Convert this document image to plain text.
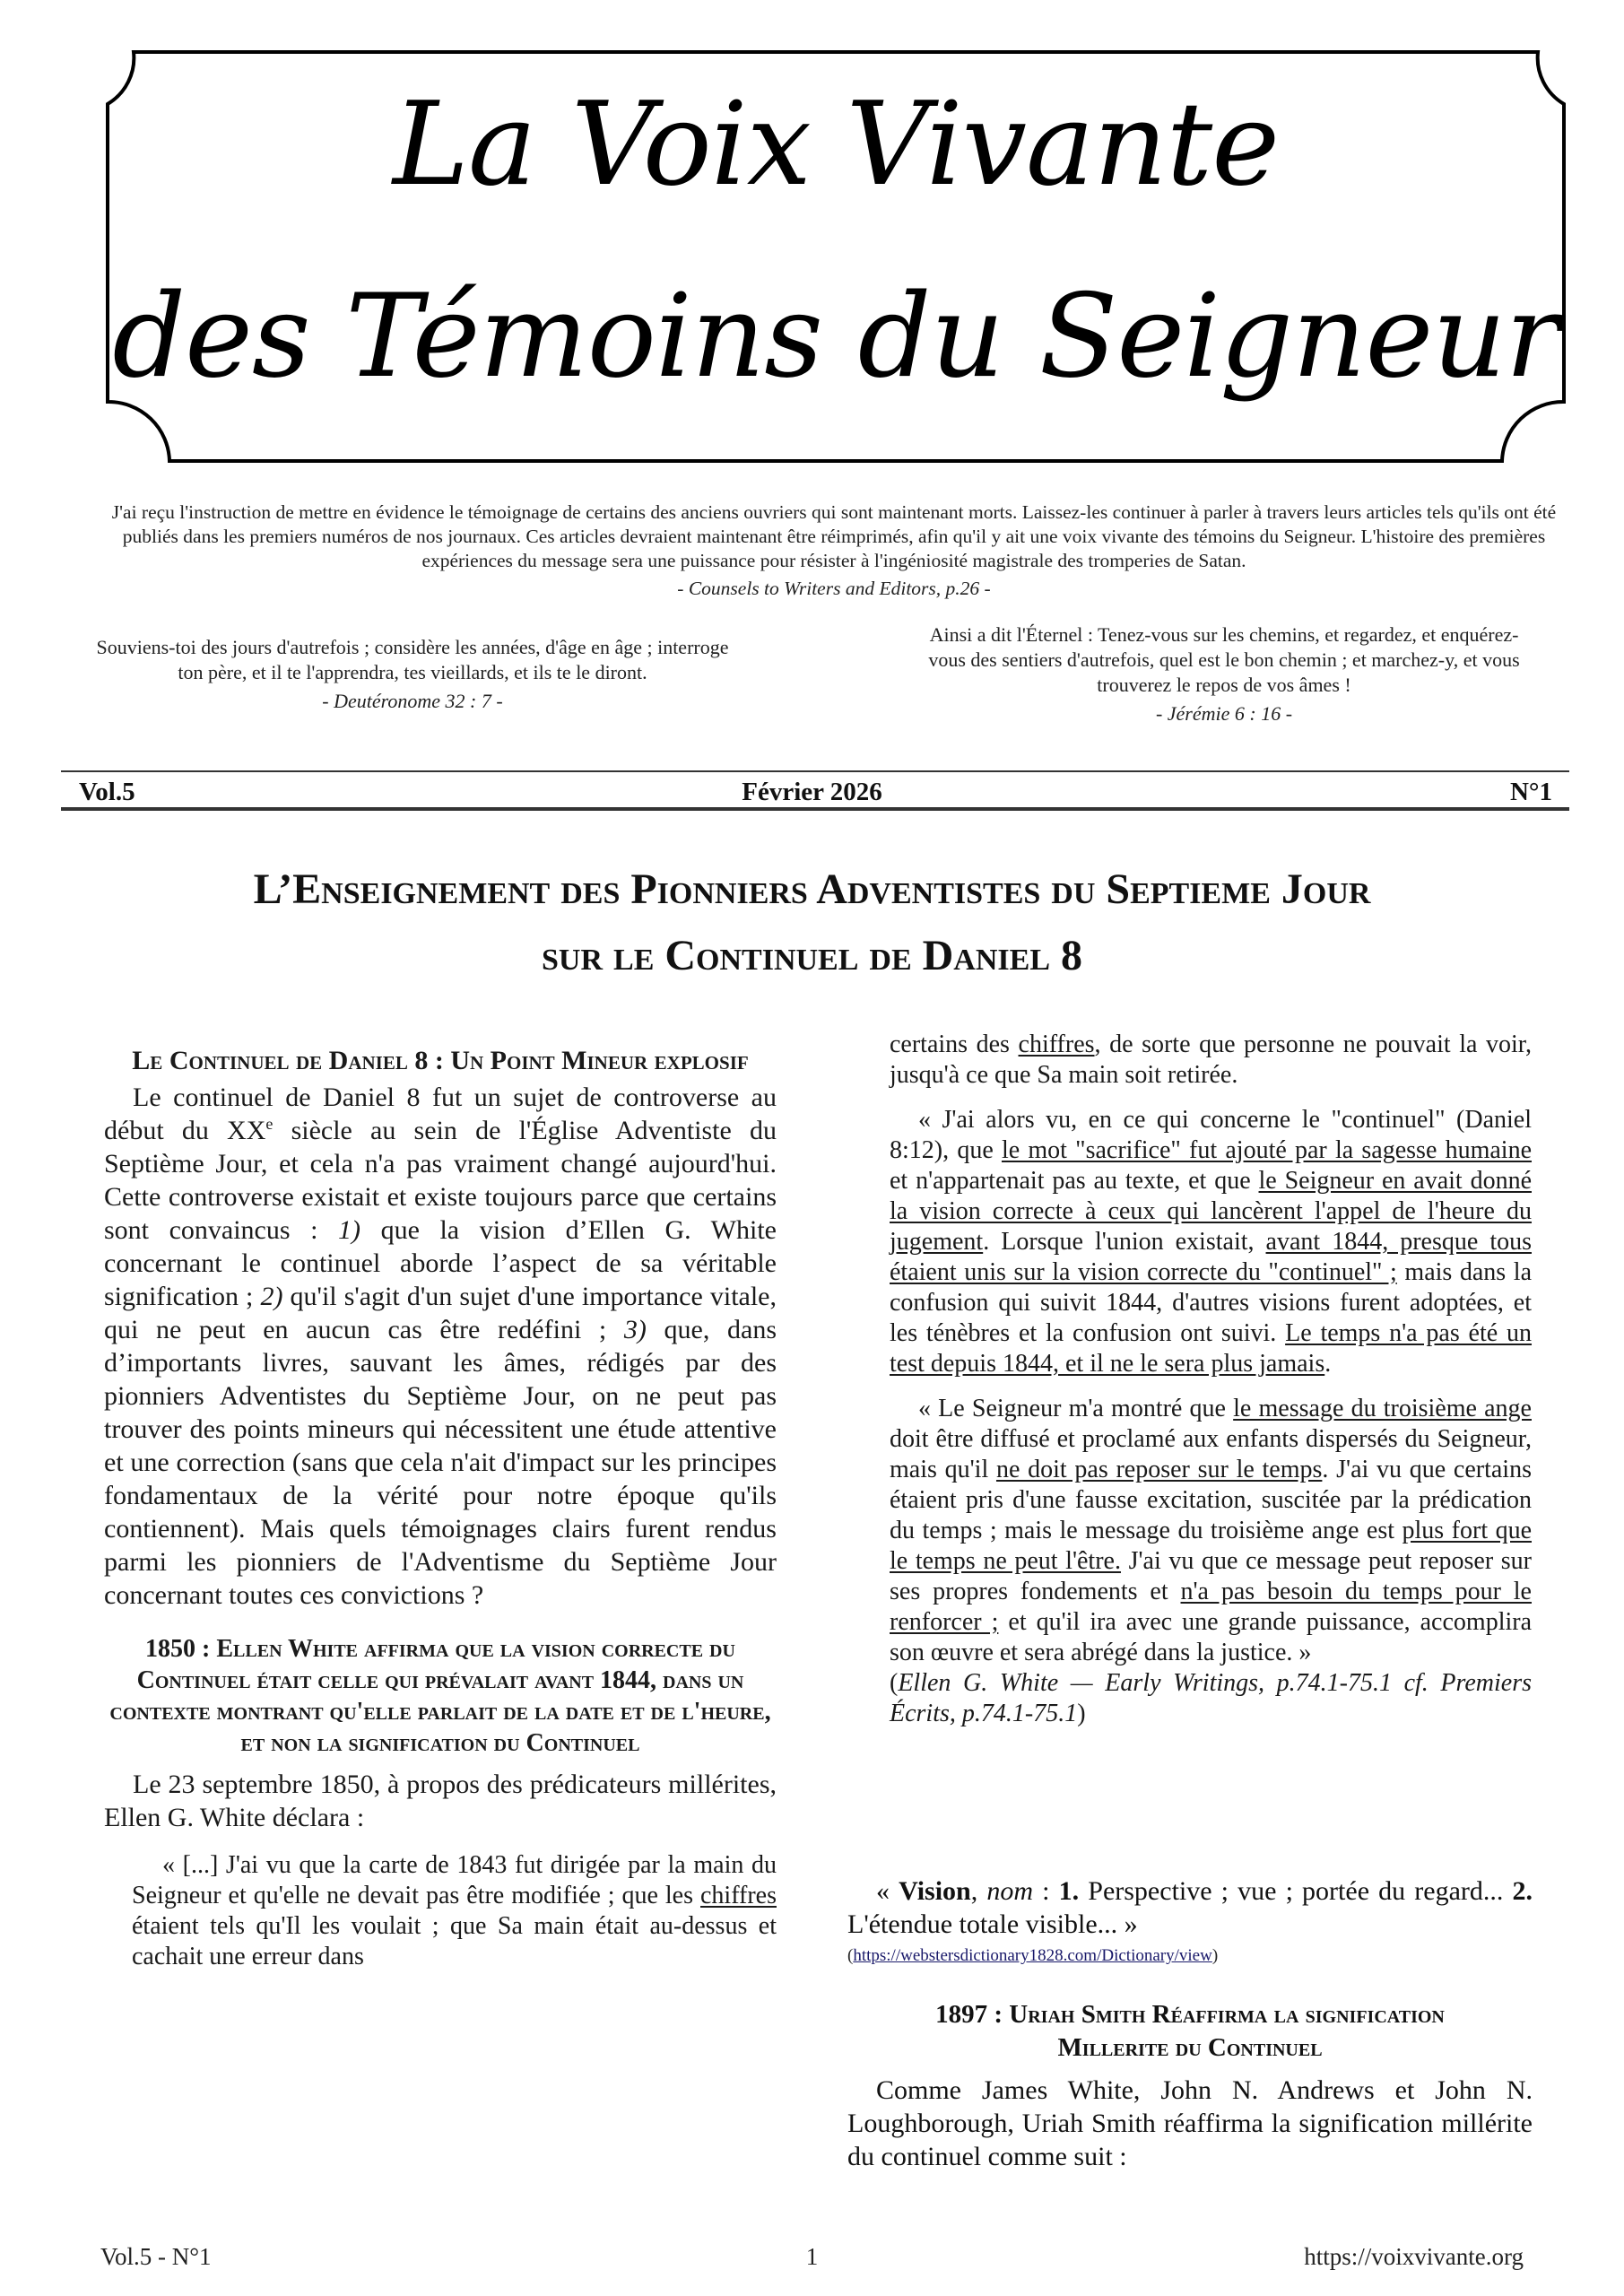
La Voix Vivante
des Témoins du Seigneur
J'ai reçu l'instruction de mettre en évidence le témoignage de certains des anciens ouvriers qui sont maintenant morts. Laissez-les continuer à parler à travers leurs articles tels qu'ils ont été publiés dans les premiers numéros de nos journaux. Ces articles devraient maintenant être réimprimés, afin qu'il y ait une voix vivante des témoins du Seigneur. L'histoire des premières expériences du message sera une puissance pour résister à l'ingéniosité magistrale des tromperies de Satan.
- Counsels to Writers and Editors, p.26 -
Souviens-toi des jours d'autrefois ; considère les années, d'âge en âge ; interroge ton père, et il te l'apprendra, tes vieillards, et ils te le diront.
- Deutéronome 32 : 7 -
Ainsi a dit l'Éternel : Tenez-vous sur les chemins, et regardez, et enquérez-vous des sentiers d'autrefois, quel est le bon chemin ; et marchez-y, et vous trouverez le repos de vos âmes !
- Jérémie 6 : 16 -
Vol.5	Février 2026	N°1
L’Enseignement des Pionniers Adventistes du Septieme Jour
sur le Continuel de Daniel 8
Le Continuel de Daniel 8 : Un Point Mineur explosif

Le continuel de Daniel 8 fut un sujet de controverse au début du XXe siècle au sein de l'Église Adventiste du Septième Jour, et cela n'a pas vraiment changé aujourd'hui. Cette controverse existait et existe toujours parce que certains sont convaincus : 1) que la vision d’Ellen G. White concernant le continuel aborde l’aspect de sa véritable signification ; 2) qu'il s'agit d'un sujet d'une importance vitale, qui ne peut en aucun cas être redéfini ; 3) que, dans d’importants livres, sauvant les âmes, rédigés par des pionniers Adventistes du Septième Jour, on ne peut pas trouver des points mineurs qui nécessitent une étude attentive et une correction (sans que cela n'ait d'impact sur les principes fondamentaux de la vérité pour notre époque qu'ils contiennent). Mais quels témoignages clairs furent rendus parmi les pionniers de l'Adventisme du Septième Jour concernant toutes ces convictions ?

1850 : Ellen White affirma que la vision correcte du Continuel était celle qui prévalait avant 1844, dans un contexte montrant qu'elle parlait de la date et de l'heure, et non la signification du Continuel

Le 23 septembre 1850, à propos des prédicateurs millérites, Ellen G. White déclara :

« [...] J'ai vu que la carte de 1843 fut dirigée par la main du Seigneur et qu'elle ne devait pas être modifiée ; que les chiffres étaient tels qu'Il les voulait ; que Sa main était au-dessus et cachait une erreur dans

certains des chiffres, de sorte que personne ne pouvait la voir, jusqu'à ce que Sa main soit retirée.

« J'ai alors vu, en ce qui concerne le "continuel" (Daniel 8:12), que le mot "sacrifice" fut ajouté par la sagesse humaine et n'appartenait pas au texte, et que le Seigneur en avait donné la vision correcte à ceux qui lancèrent l'appel de l'heure du jugement. Lorsque l'union existait, avant 1844, presque tous étaient unis sur la vision correcte du "continuel" ; mais dans la confusion qui suivit 1844, d'autres visions furent adoptées, et les ténèbres et la confusion ont suivi. Le temps n'a pas été un test depuis 1844, et il ne le sera plus jamais.

« Le Seigneur m'a montré que le message du troisième ange doit être diffusé et proclamé aux enfants dispersés du Seigneur, mais qu'il ne doit pas reposer sur le temps. J'ai vu que certains étaient pris d'une fausse excitation, suscitée par la prédication du temps ; mais le message du troisième ange est plus fort que le temps ne peut l'être. J'ai vu que ce message peut reposer sur ses propres fondements et n'a pas besoin du temps pour le renforcer ; et qu'il ira avec une grande puissance, accomplira son œuvre et sera abrégé dans la justice. »
(Ellen G. White — Early Writings, p.74.1-75.1 cf. Premiers Écrits, p.74.1-75.1)

« Vision, nom : 1. Perspective ; vue ; portée du regard... 2. L'étendue totale visible... »

(https://webstersdictionary1828.com/Dictionary/view)
1897 : Uriah Smith Réaffirma la signification Millerite du Continuel

Comme James White, John N. Andrews et John N. Loughborough, Uriah Smith réaffirma la signification millérite du continuel comme suit :

Vol.5 - N°1	1	https://voixvivante.org
